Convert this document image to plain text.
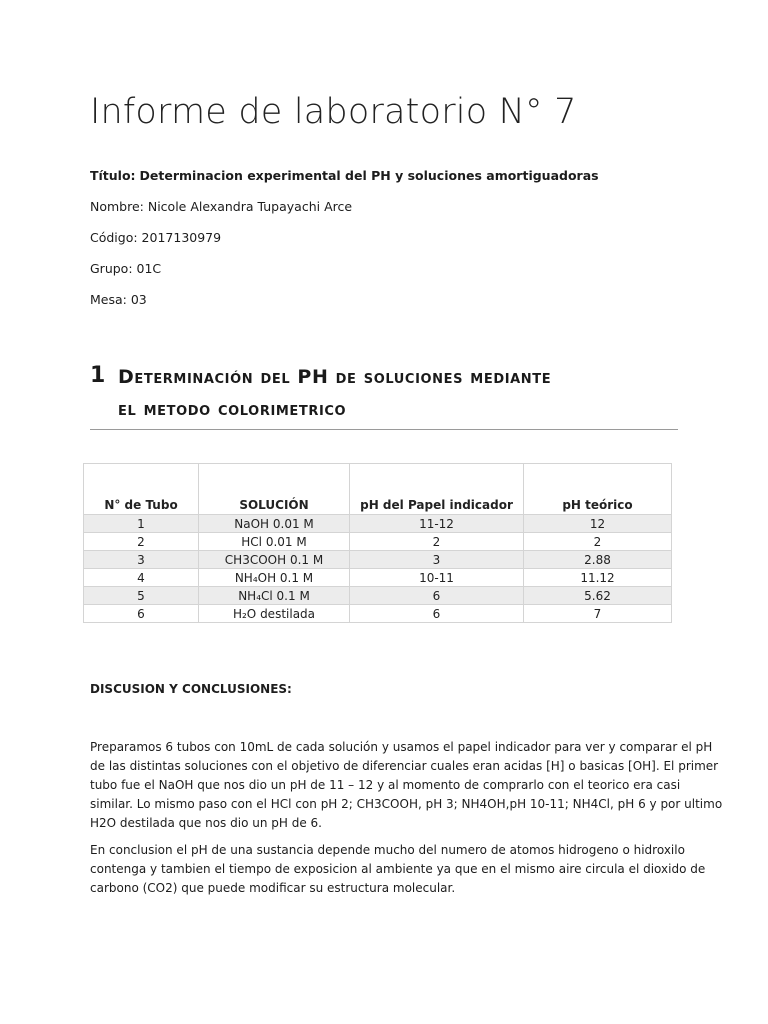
Informe de laboratorio N° 7
Título: Determinacion experimental del PH y soluciones amortiguadoras
Nombre: Nicole Alexandra Tupayachi Arce
Código: 2017130979
Grupo: 01C
Mesa: 03
1 Determinación del PH de soluciones mediante
el metodo colorimetrico
N° de Tubo	SOLUCIÓN	pH del Papel indicador	pH teórico
1	NaOH 0.01 M	11-12	12
2	HCl 0.01 M	2	2
3	CH3COOH 0.1 M	3	2.88
4	NH₄OH 0.1 M	10-11	11.12
5	NH₄Cl 0.1 M	6	5.62
6	H₂O destilada	6	7
DISCUSION Y CONCLUSIONES:
Preparamos 6 tubos con 10mL de cada solución y usamos el papel indicador para ver y comparar el pH
de las distintas soluciones con el objetivo de diferenciar cuales eran acidas [H] o basicas [OH]. El primer
tubo fue el NaOH que nos dio un pH de 11 – 12 y al momento de comprarlo con el teorico era casi
similar. Lo mismo paso con el HCl con pH 2; CH3COOH, pH 3; NH4OH,pH 10-11; NH4Cl, pH 6 y por ultimo
H2O destilada que nos dio un pH de 6.
En conclusion el pH de una sustancia depende mucho del numero de atomos hidrogeno o hidroxilo
contenga y tambien el tiempo de exposicion al ambiente ya que en el mismo aire circula el dioxido de
carbono (CO2) que puede modificar su estructura molecular.
